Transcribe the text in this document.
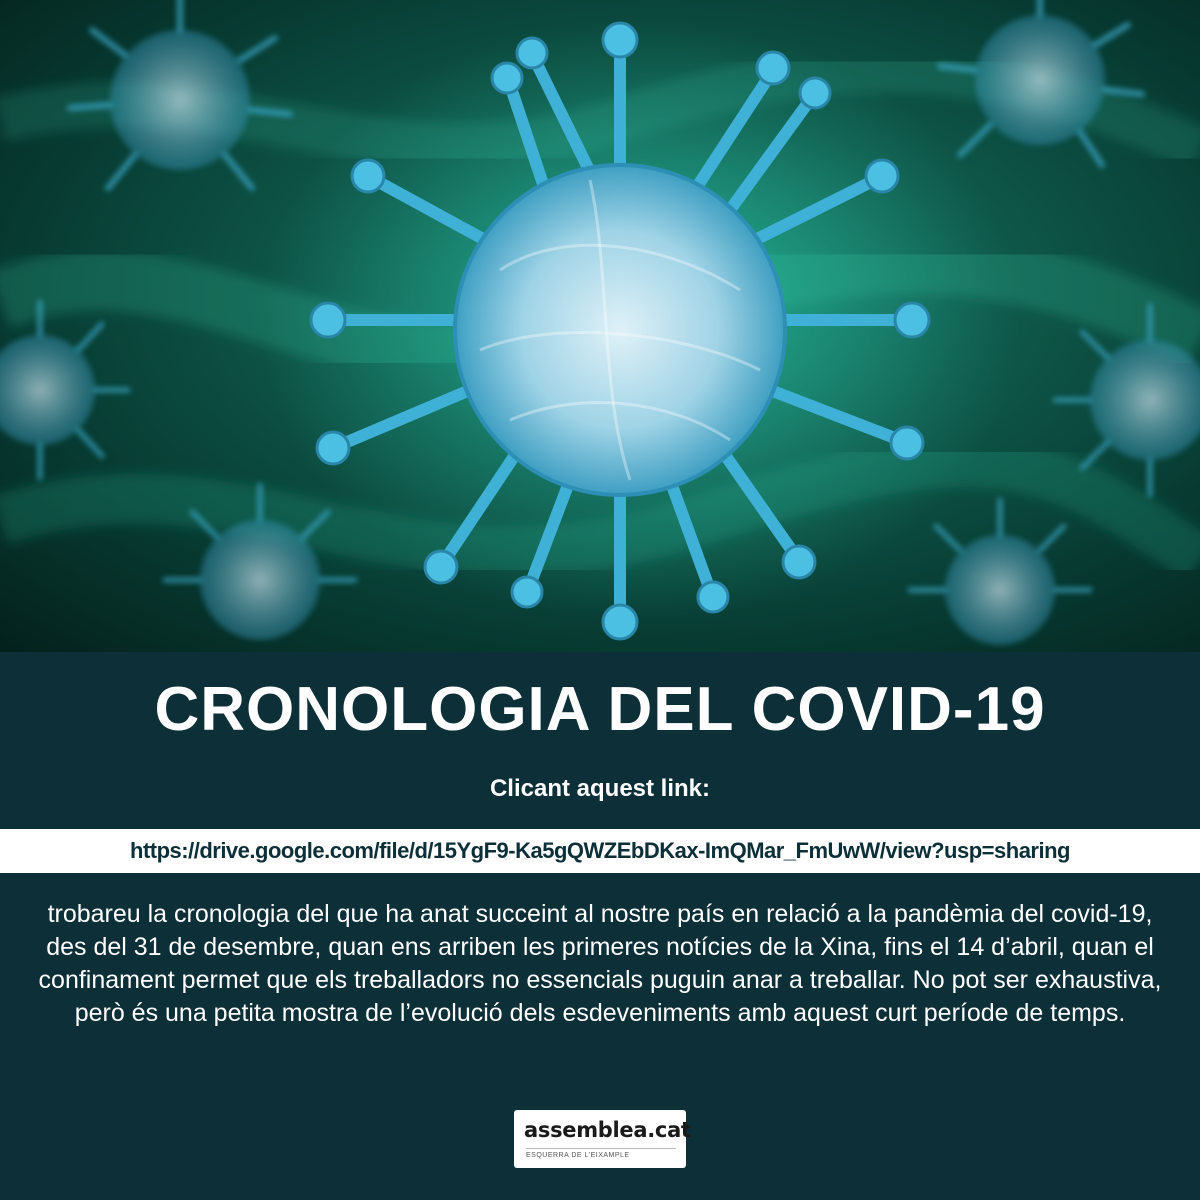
CRONOLOGIA DEL COVID-19
Clicant aquest link:
https://drive.google.com/file/d/15YgF9-Ka5gQWZEbDKax-ImQMar_FmUwW/view?usp=sharing
trobareu la cronologia del que ha anat succeint al nostre país en relació a la pandèmia del covid-19, des del 31 de desembre, quan ens arriben les primeres notícies de la Xina, fins el 14 d’abril, quan el confinament permet que els treballadors no essencials puguin anar a treballar. No pot ser exhaustiva, però és una petita mostra de l’evolució dels esdeveniments amb aquest curt període de temps.
assemblea.cat
ESQUERRA DE L’EIXAMPLE
